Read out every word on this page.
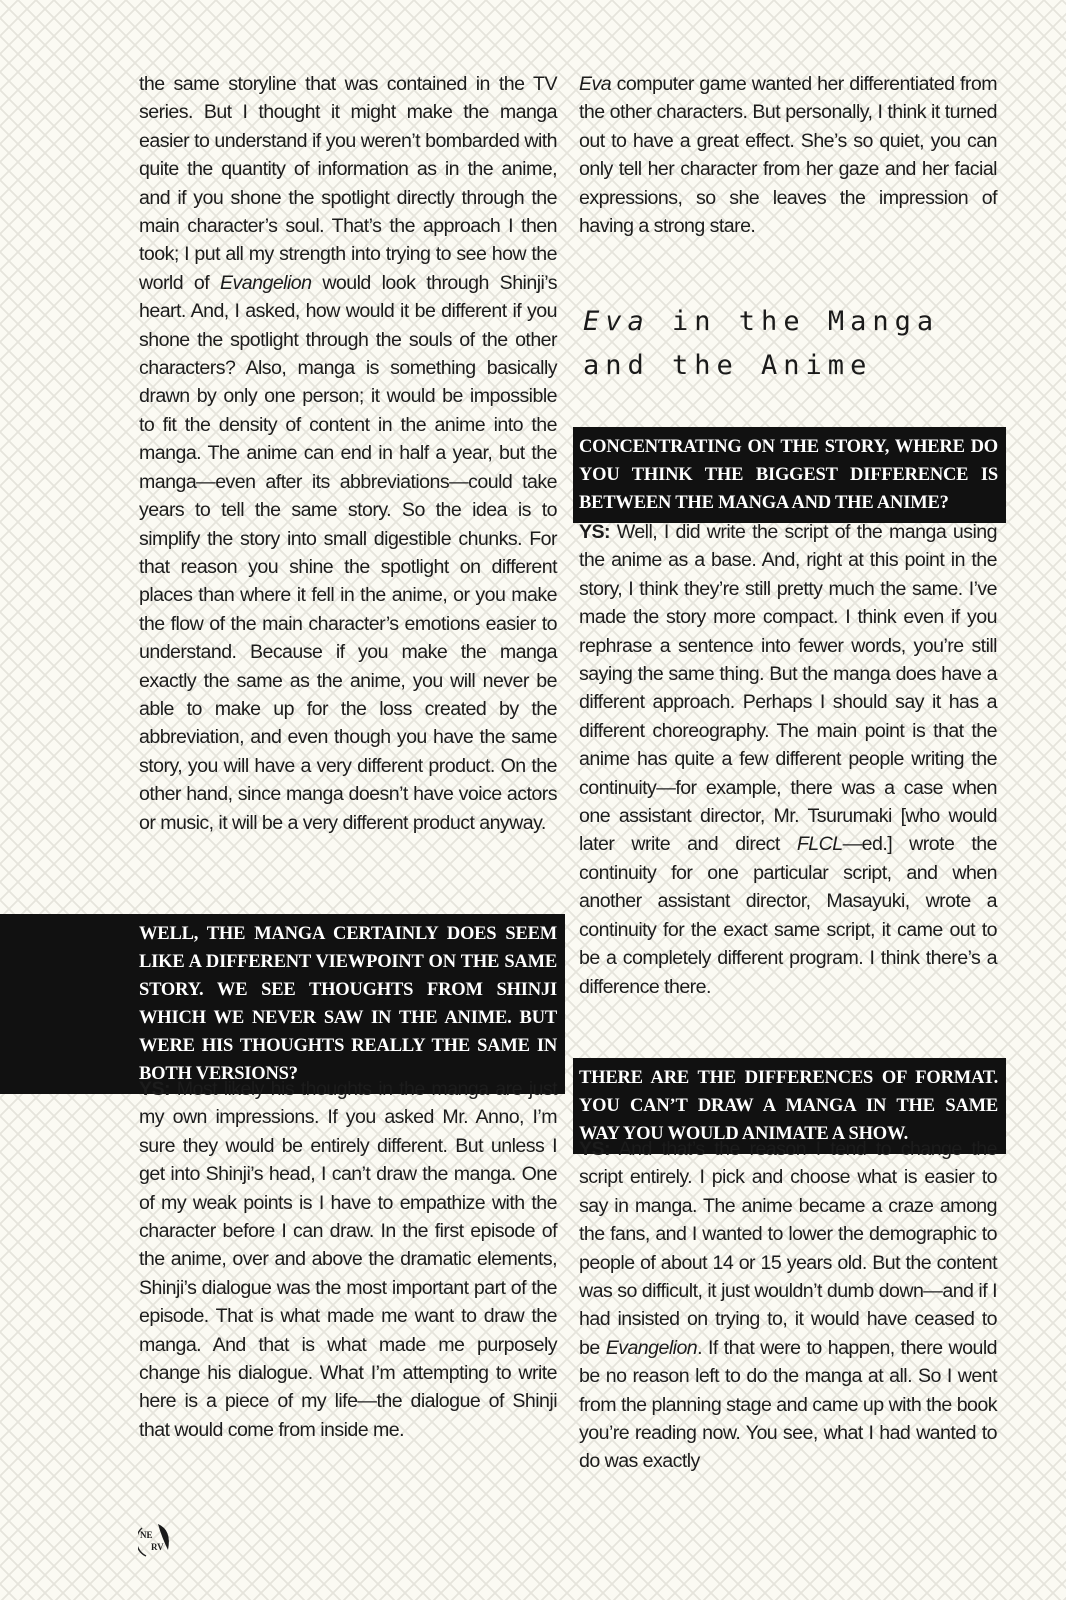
the same storyline that was contained in the TV series. But I thought it might make the manga easier to understand if you weren’t bombarded with quite the quantity of information as in the anime, and if you shone the spotlight directly through the main character’s soul. That’s the approach I then took; I put all my strength into trying to see how the world of Evangelion would look through Shinji’s heart. And, I asked, how would it be different if you shone the spotlight through the souls of the other characters? Also, manga is something basically drawn by only one person; it would be impossible to fit the density of content in the anime into the manga. The anime can end in half a year, but the manga—even after its abbreviations—could take years to tell the same story. So the idea is to simplify the story into small digestible chunks. For that reason you shine the spotlight on different places than where it fell in the anime, or you make the flow of the main character’s emotions easier to understand. Because if you make the manga exactly the same as the anime, you will never be able to make up for the loss created by the abbreviation, and even though you have the same story, you will have a very different product. On the other hand, since manga doesn’t have voice actors or music, it will be a very different product anyway.

WELL, THE MANGA CERTAINLY DOES SEEM LIKE A DIFFERENT VIEWPOINT ON THE SAME STORY. WE SEE THOUGHTS FROM SHINJI WHICH WE NEVER SAW IN THE ANIME. BUT WERE HIS THOUGHTS REALLY THE SAME IN BOTH VERSIONS?

YS: Most likely his thoughts in the manga are just my own impressions. If you asked Mr. Anno, I’m sure they would be entirely different. But unless I get into Shinji’s head, I can’t draw the manga. One of my weak points is I have to empathize with the character before I can draw. In the first episode of the anime, over and above the dramatic elements, Shinji’s dialogue was the most important part of the episode. That is what made me want to draw the manga. And that is what made me purposely change his dialogue. What I’m attempting to write here is a piece of my life—the dialogue of Shinji that would come from inside me.

Eva computer game wanted her differentiated from the other characters. But personally, I think it turned out to have a great effect. She’s so quiet, you can only tell her character from her gaze and her facial expressions, so she leaves the impression of having a strong stare.

Eva in the Manga
and the Anime
CONCENTRATING ON THE STORY, WHERE DO YOU THINK THE BIGGEST DIFFERENCE IS BETWEEN THE MANGA AND THE ANIME?

YS: Well, I did write the script of the manga using the anime as a base. And, right at this point in the story, I think they’re still pretty much the same. I’ve made the story more compact. I think even if you rephrase a sentence into fewer words, you’re still saying the same thing. But the manga does have a different approach. Perhaps I should say it has a different choreography. The main point is that the anime has quite a few different people writing the continuity—for example, there was a case when one assistant director, Mr. Tsurumaki [who would later write and direct FLCL—ed.] wrote the continuity for one particular script, and when another assistant director, Masayuki, wrote a continuity for the exact same script, it came out to be a completely different program. I think there’s a difference there.

THERE ARE THE DIFFERENCES OF FORMAT. YOU CAN’T DRAW A MANGA IN THE SAME WAY YOU WOULD ANIMATE A SHOW.

YS: And that’s the reason I tend to change the script entirely. I pick and choose what is easier to say in manga. The anime became a craze among the fans, and I wanted to lower the demographic to people of about 14 or 15 years old. But the content was so difficult, it just wouldn’t dumb down—and if I had insisted on trying to, it would have ceased to be Evangelion. If that were to happen, there would be no reason left to do the manga at all. So I went from the planning stage and came up with the book you’re reading now. You see, what I had wanted to do was exactly

NE
RV
